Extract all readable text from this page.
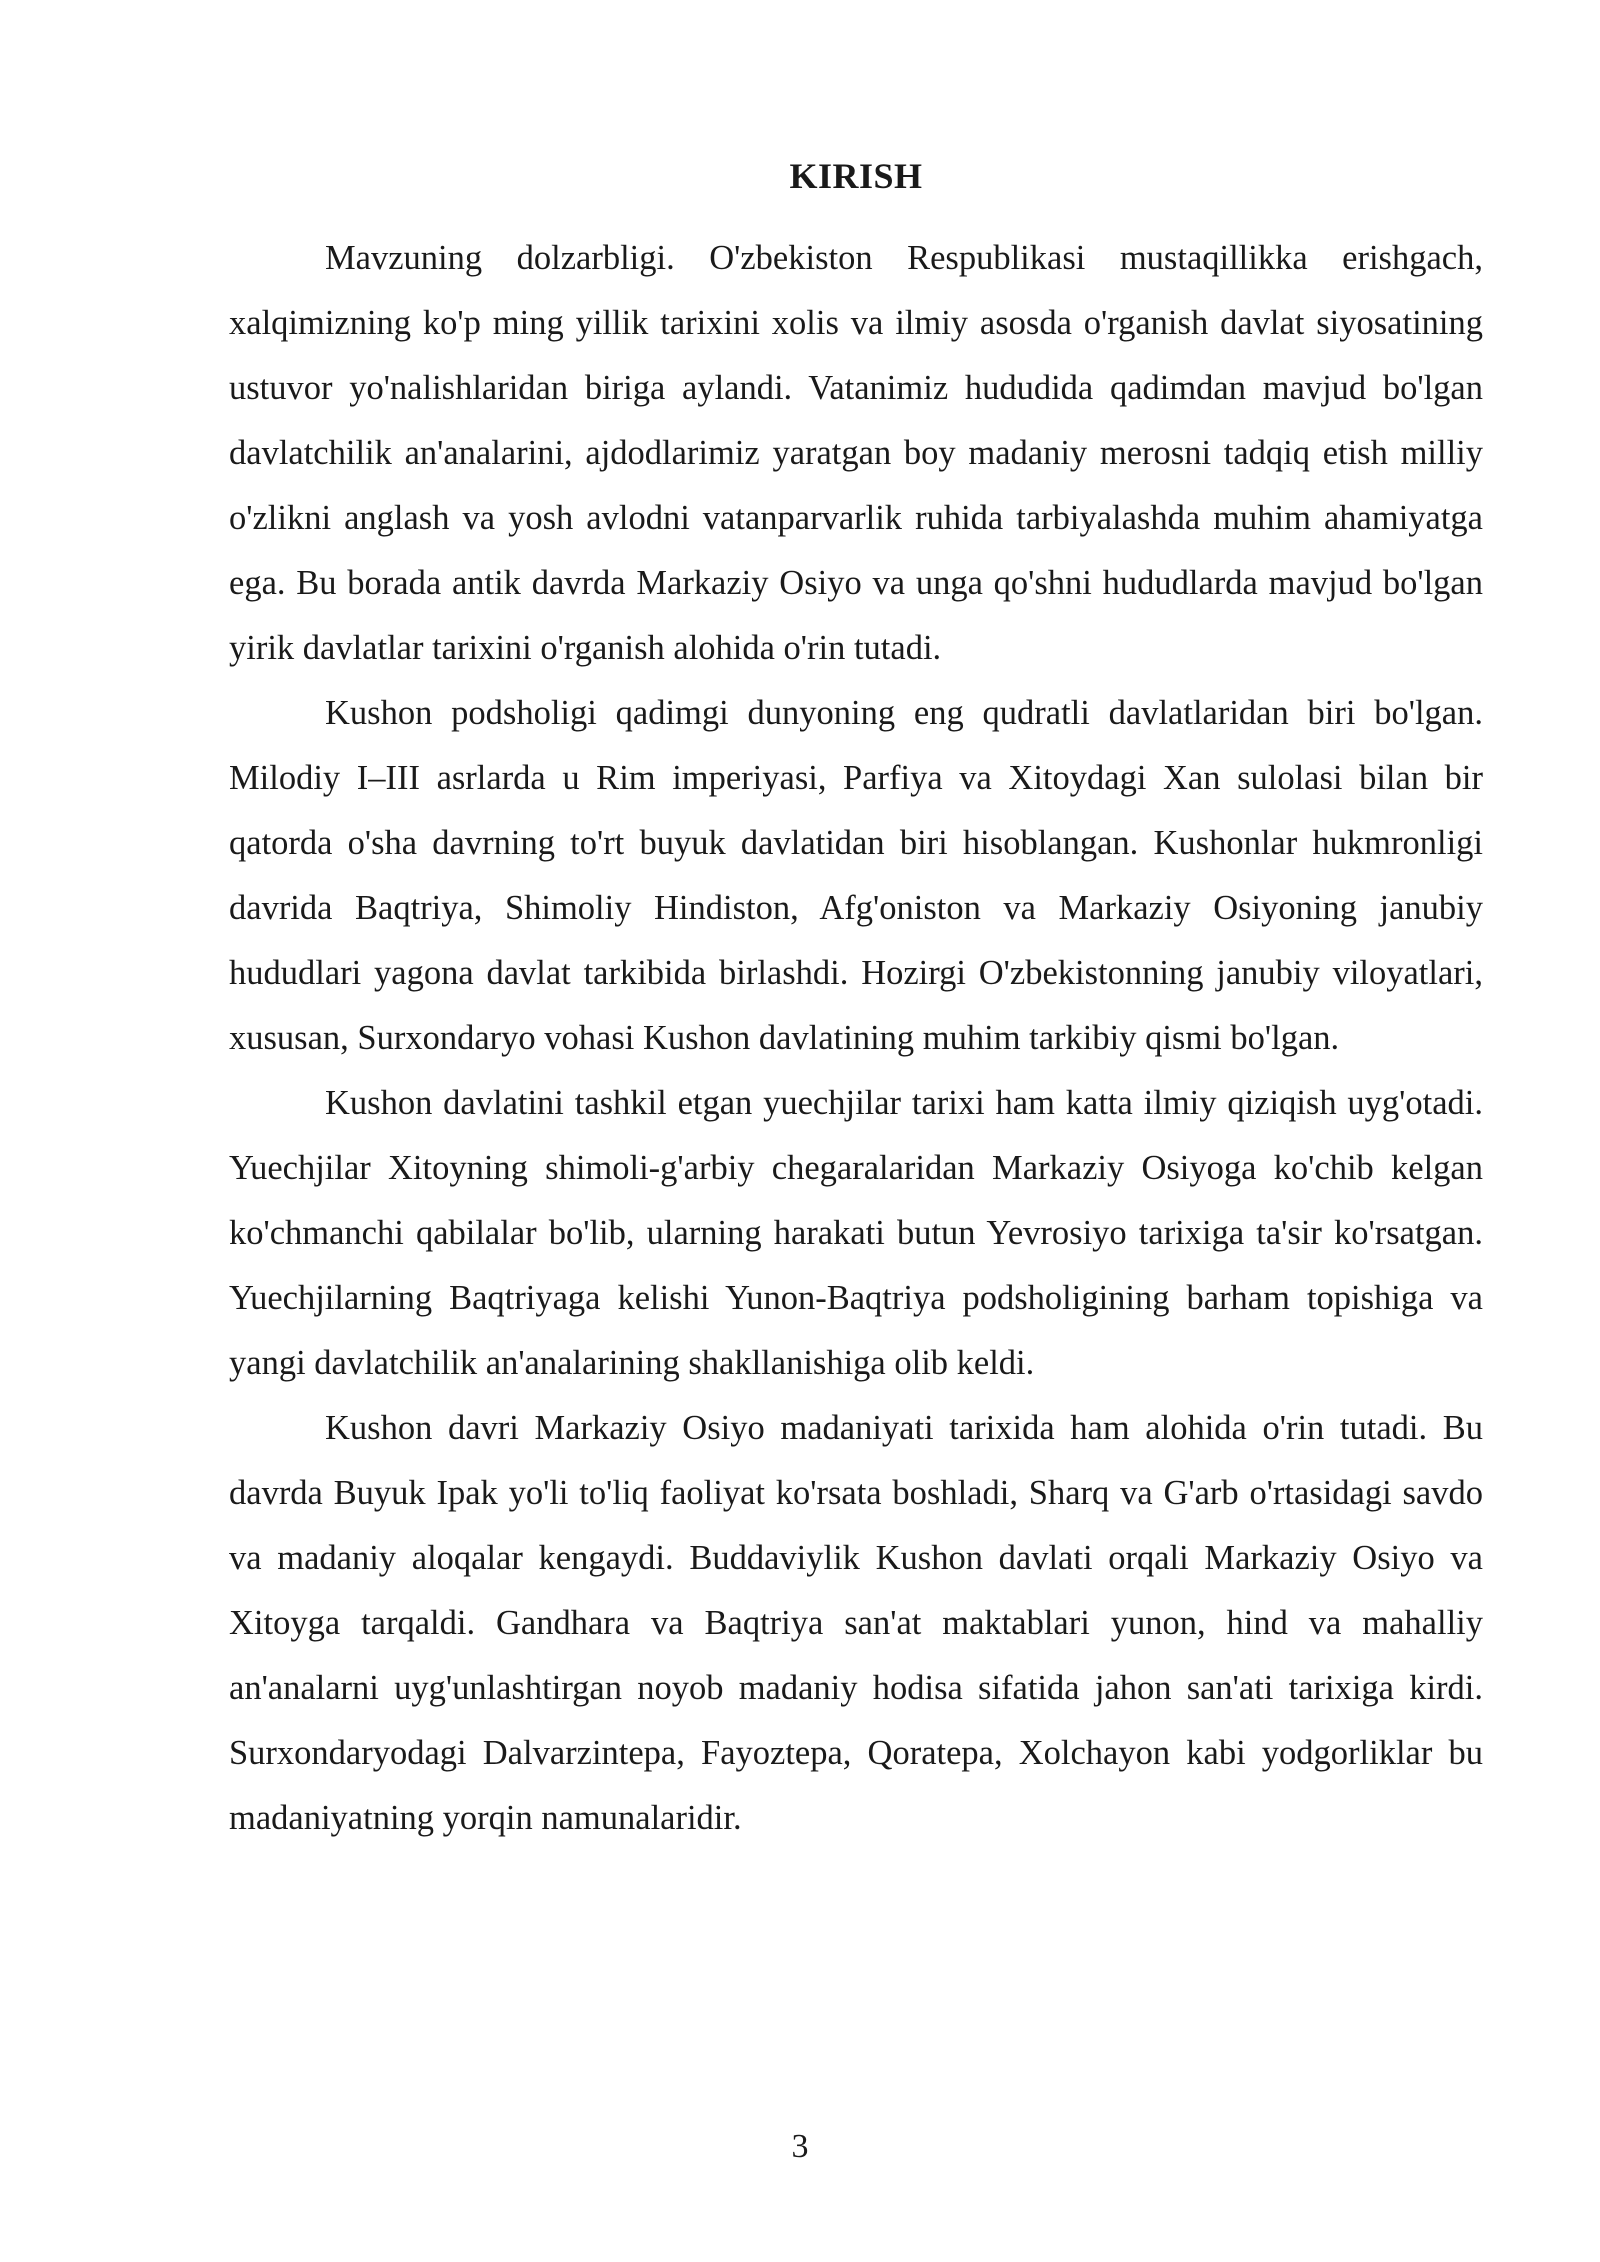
KIRISH

Mavzuning dolzarbligi. O'zbekiston Respublikasi mustaqillikka erishgach, xalqimizning ko'p ming yillik tarixini xolis va ilmiy asosda o'rganish davlat siyosatining ustuvor yo'nalishlaridan biriga aylandi. Vatanimiz hududida qadimdan mavjud bo'lgan davlatchilik an'analarini, ajdodlarimiz yaratgan boy madaniy merosni tadqiq etish milliy o'zlikni anglash va yosh avlodni vatanparvarlik ruhida tarbiyalashda muhim ahamiyatga ega. Bu borada antik davrda Markaziy Osiyo va unga qo'shni hududlarda mavjud bo'lgan yirik davlatlar tarixini o'rganish alohida o'rin tutadi.

Kushon podsholigi qadimgi dunyoning eng qudratli davlatlaridan biri bo'lgan. Milodiy I–III asrlarda u Rim imperiyasi, Parfiya va Xitoydagi Xan sulolasi bilan bir qatorda o'sha davrning to'rt buyuk davlatidan biri hisoblangan. Kushonlar hukmronligi davrida Baqtriya, Shimoliy Hindiston, Afg'oniston va Markaziy Osiyoning janubiy hududlari yagona davlat tarkibida birlashdi. Hozirgi O'zbekistonning janubiy viloyatlari, xususan, Surxondaryo vohasi Kushon davlatining muhim tarkibiy qismi bo'lgan.

Kushon davlatini tashkil etgan yuechjilar tarixi ham katta ilmiy qiziqish uyg'otadi. Yuechjilar Xitoyning shimoli-g'arbiy chegaralaridan Markaziy Osiyoga ko'chib kelgan ko'chmanchi qabilalar bo'lib, ularning harakati butun Yevrosiyo tarixiga ta'sir ko'rsatgan. Yuechjilarning Baqtriyaga kelishi Yunon-Baqtriya podsholigining barham topishiga va yangi davlatchilik an'analarining shakllanishiga olib keldi.

Kushon davri Markaziy Osiyo madaniyati tarixida ham alohida o'rin tutadi. Bu davrda Buyuk Ipak yo'li to'liq faoliyat ko'rsata boshladi, Sharq va G'arb o'rtasidagi savdo va madaniy aloqalar kengaydi. Buddaviylik Kushon davlati orqali Markaziy Osiyo va Xitoyga tarqaldi. Gandhara va Baqtriya san'at maktablari yunon, hind va mahalliy an'analarni uyg'unlashtirgan noyob madaniy hodisa sifatida jahon san'ati tarixiga kirdi. Surxondaryodagi Dalvarzintepa, Fayoztepa, Qoratepa, Xolchayon kabi yodgorliklar bu madaniyatning yorqin namunalaridir.

3
